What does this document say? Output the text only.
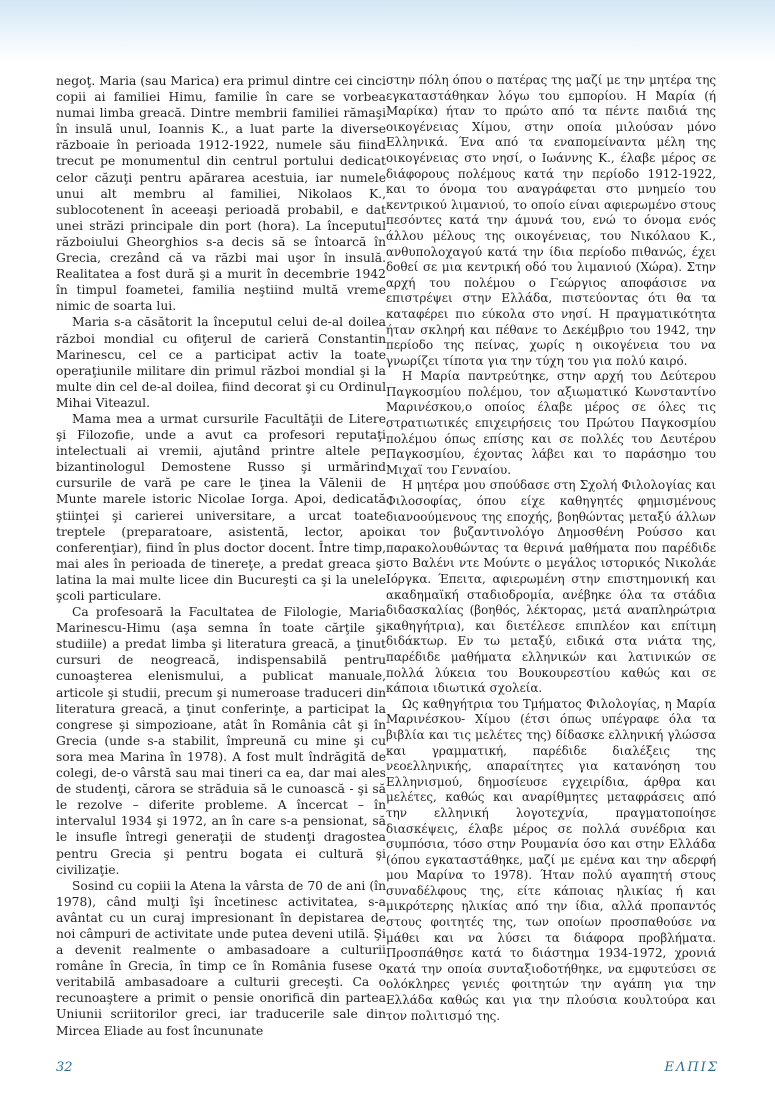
negoţ. Maria (sau Marica) era primul dintre cei cinci copii ai familiei Himu, familie în care se vorbea numai limba greacă. Dintre membrii familiei rămaşi în insulă unul, Ioannis K., a luat parte la diverse războaie în perioada 1912-1922, numele său fiind trecut pe monumentul din centrul portului dedicat celor căzuţi pentru apărarea acestuia, iar numele unui alt membru al familiei, Nikolaos K., sublocotenent în aceeaşi perioadă probabil, e dat unei străzi principale din port (hora). La începutul războiului Gheorghios s-a decis să se întoarcă în Grecia, crezând că va răzbi mai uşor în insulă. Realitatea a fost dură şi a murit în decembrie 1942 în timpul foametei, familia neştiind multă vreme nimic de soarta lui.

Maria s-a căsătorit la începutul celui de-al doilea război mondial cu ofiţerul de carieră Constantin Marinescu, cel ce a participat activ la toate operaţiunile militare din primul război mondial şi la multe din cel de-al doilea, fiind decorat şi cu Ordinul Mihai Viteazul.

Mama mea a urmat cursurile Facultăţii de Litere şi Filozofie, unde a avut ca profesori reputaţi intelectuali ai vremii, ajutând printre altele pe bizantinologul Demostene Russo şi urmărind cursurile de vară pe care le ţinea la Vălenii de Munte marele istoric Nicolae Iorga. Apoi, dedicată ştiinţei şi carierei universitare, a urcat toate treptele (preparatoare, asistentă, lector, apoi conferenţiar), fiind în plus doctor docent. Între timp, mai ales în perioada de tinereţe, a predat greaca şi latina la mai multe licee din Bucureşti ca şi la unele şcoli particulare.

Ca profesoară la Facultatea de Filologie, Maria Marinescu-Himu (aşa semna în toate cărţile şi studiile) a predat limba şi literatura greacă, a ţinut cursuri de neogreacă, indispensabilă pentru cunoaşterea elenismului, a publicat manuale, articole şi studii, precum şi numeroase traduceri din literatura greacă, a ţinut conferinţe, a participat la congrese şi simpozioane, atât în România cât şi în Grecia (unde s-a stabilit, împreună cu mine şi cu sora mea Marina în 1978). A fost mult îndrăgită de colegi, de-o vârstă sau mai tineri ca ea, dar mai ales de studenţi, cărora se străduia să le cunoască - şi să le rezolve – diferite probleme. A încercat – în intervalul 1934 şi 1972, an în care s-a pensionat, să le insufle întregi generaţii de studenţi dragostea pentru Grecia şi pentru bogata ei cultură şi civilizaţie.

Sosind cu copiii la Atena la vârsta de 70 de ani (în 1978), când mulţi îşi încetinesc activitatea, s-a avântat cu un curaj impresionant în depistarea de noi câmpuri de activitate unde putea deveni utilă. Şi a devenit realmente o ambasadoare a culturii române în Grecia, în timp ce în România fusese o veritabilă ambasadoare a culturii greceşti. Ca o recunoaştere a primit o pensie onorifică din partea Uniunii scriitorilor greci, iar traducerile sale din Mircea Eliade au fost încununate

στην πόλη όπου ο πατέρας της μαζί με την μητέρα της εγκαταστάθηκαν λόγω του εμπορίου. Η Μαρία (ή Μαρίκα) ήταν το πρώτο από τα πέντε παιδιά της οικογένειας Χίμου, στην οποία μιλούσαν μόνο Ελληνικά. Ένα από τα εναπομείναντα μέλη της οικογένειας στο νησί, ο Ιωάννης Κ., έλαβε μέρος σε διάφορους πολέμους κατά την περίοδο 1912-1922, και το όνομα του αναγράφεται στο μνημείο του κεντρικού λιμανιού, το οποίο είναι αφιερωμένο στους πεσόντες κατά την άμυνά του, ενώ το όνομα ενός άλλου μέλους της οικογένειας, του Νικόλαου Κ., ανθυπολοχαγού κατά την ίδια περίοδο πιθανώς, έχει δοθεί σε μια κεντρική οδό του λιμανιού (Χώρα). Στην αρχή του πολέμου ο Γεώργιος αποφάσισε να επιστρέψει στην Ελλάδα, πιστεύοντας ότι θα τα καταφέρει πιο εύκολα στο νησί. Η πραγματικότητα ήταν σκληρή και πέθανε το Δεκέμβριο του 1942, την περίοδο της πείνας, χωρίς η οικογένεια του να γνωρίζει τίποτα για την τύχη του για πολύ καιρό.

Η Μαρία παντρεύτηκε, στην αρχή του Δεύτερου Παγκοσμίου πολέμου, τον αξιωματικό Κωνσταντίνο Μαρινέσκου,ο οποίος έλαβε μέρος σε όλες τις στρατιωτικές επιχειρήσεις του Πρώτου Παγκοσμίου πολέμου όπως επίσης και σε πολλές του Δευτέρου Παγκοσμίου, έχοντας λάβει και το παράσημο του Μιχαϊ του Γενναίου.

Η μητέρα μου σπούδασε στη Σχολή Φιλολογίας και Φιλοσοφίας, όπου είχε καθηγητές φημισμένους διανοούμενους της εποχής, βοηθώντας μεταξύ άλλων και τον βυζαντινολόγο Δημοσθένη Ρούσσο και παρακολουθώντας τα θερινά μαθήματα που παρέδιδε στο Βαλένι ντε Μούντε ο μεγάλος ιστορικός Νικολάε Ιόργκα. Έπειτα, αφιερωμένη στην επιστημονική και ακαδημαϊκή σταδιοδρομία, ανέβηκε όλα τα στάδια διδασκαλίας (βοηθός, λέκτορας, μετά αναπληρώτρια καθηγήτρια), και διετέλεσε επιπλέον και επίτιμη διδάκτωρ. Εν τω μεταξύ, ειδικά στα νιάτα της, παρέδιδε μαθήματα ελληνικών και λατινικών σε πολλά λύκεια του Βουκουρεστίου καθώς και σε κάποια ιδιωτικά σχολεία.

Ως καθηγήτρια του Τμήματος Φιλολογίας, η Μαρία Μαρινέσκου- Χίμου (έτσι όπως υπέγραφε όλα τα βιβλία και τις μελέτες της) δίδασκε ελληνική γλώσσα και γραμματική, παρέδιδε διαλέξεις της νεοελληνικής, απαραίτητες για κατανόηση του Ελληνισμού, δημοσίευσε εγχειρίδια, άρθρα και μελέτες, καθώς και αναρίθμητες μεταφράσεις από την ελληνική λογοτεχνία, πραγματοποίησε διασκέψεις, έλαβε μέρος σε πολλά συνέδρια και συμπόσια, τόσο στην Ρουμανία όσο και στην Ελλάδα (όπου εγκαταστάθηκε, μαζί με εμένα και την αδερφή μου Μαρίνα το 1978). Ήταν πολύ αγαπητή στους συναδέλφους της, είτε κάποιας ηλικίας ή και μικρότερης ηλικίας από την ίδια, αλλά προπαντός στους φοιτητές της, των οποίων προσπαθούσε να μάθει και να λύσει τα διάφορα προβλήματα. Προσπάθησε κατά το διάστημα 1934-1972, χρονιά κατά την οποία συνταξιοδοτήθηκε, να εμφυτεύσει σε ολόκληρες γενιές φοιτητών την αγάπη για την Ελλάδα καθώς και για την πλούσια κουλτούρα και τον πολιτισμό της.

32	ΕΛΠΙΣ
